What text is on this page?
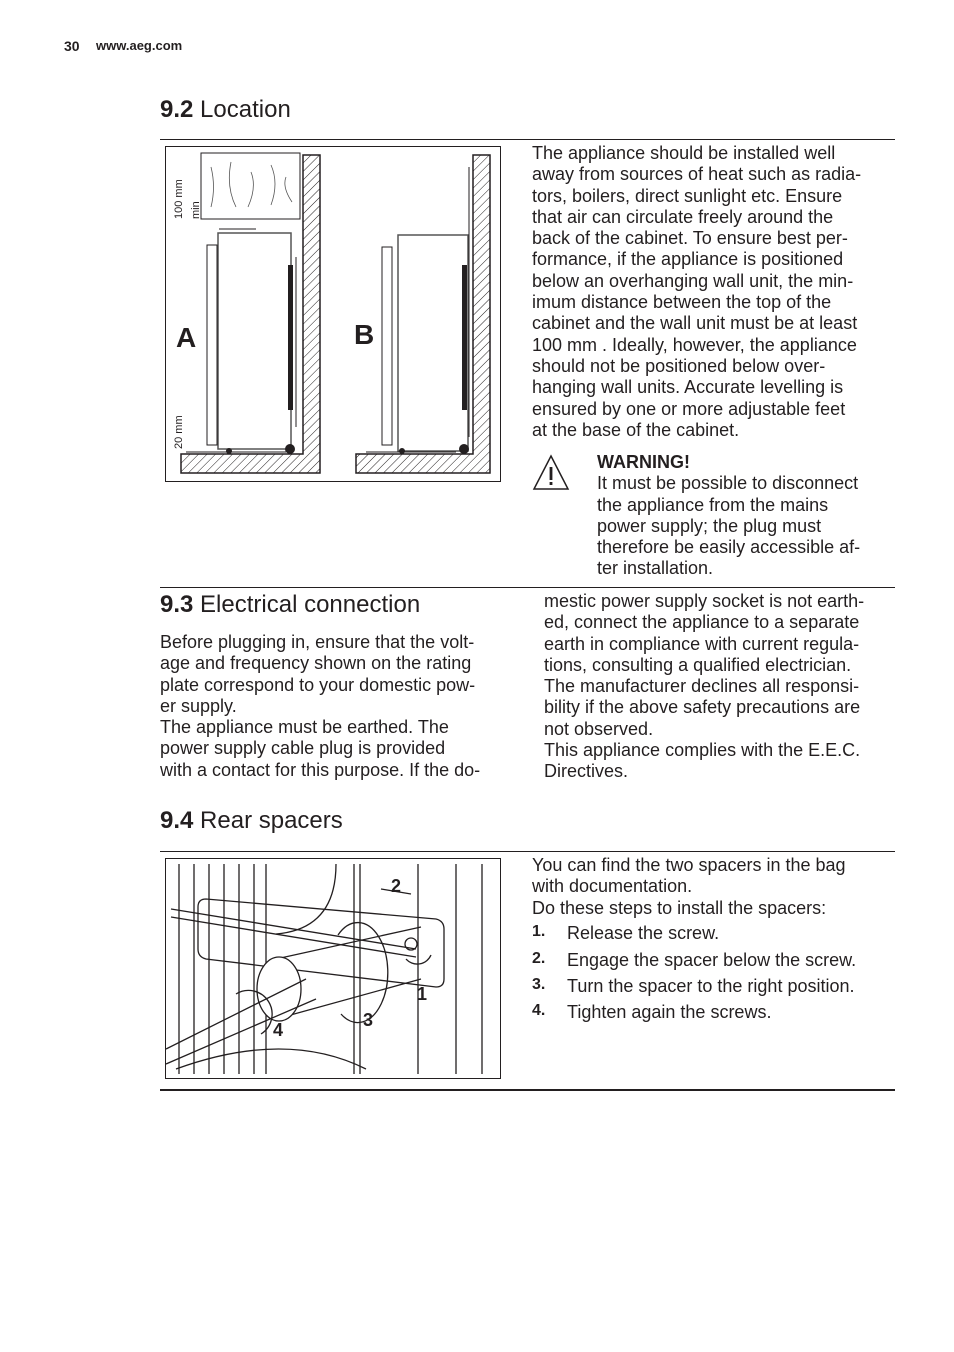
30 www.aeg.com
9.2 Location
A	B
100 mm min
20 mm
The appliance should be installed well
away from sources of heat such as radia-
tors, boilers, direct sunlight etc. Ensure
that air can circulate freely around the
back of the cabinet. To ensure best per-
formance, if the appliance is positioned
below an overhanging wall unit, the min-
imum distance between the top of the
cabinet and the wall unit must be at least
100 mm . Ideally, however, the appliance
should not be positioned below over-
hanging wall units. Accurate levelling is
ensured by one or more adjustable feet
at the base of the cabinet.
WARNING!
It must be possible to disconnect
the appliance from the mains
power supply; the plug must
therefore be easily accessible af-
ter installation.
9.3 Electrical connection
Before plugging in, ensure that the volt-
age and frequency shown on the rating
plate correspond to your domestic pow-
er supply.
The appliance must be earthed. The
power supply cable plug is provided
with a contact for this purpose. If the do-
mestic power supply socket is not earth-
ed, connect the appliance to a separate
earth in compliance with current regula-
tions, consulting a qualified electrician.
The manufacturer declines all responsi-
bility if the above safety precautions are
not observed.
This appliance complies with the E.E.C.
Directives.
9.4 Rear spacers
2
1
3
4
You can find the two spacers in the bag
with documentation.
Do these steps to install the spacers:
1. Release the screw.
2. Engage the spacer below the screw.
3. Turn the spacer to the right position.
4. Tighten again the screws.
